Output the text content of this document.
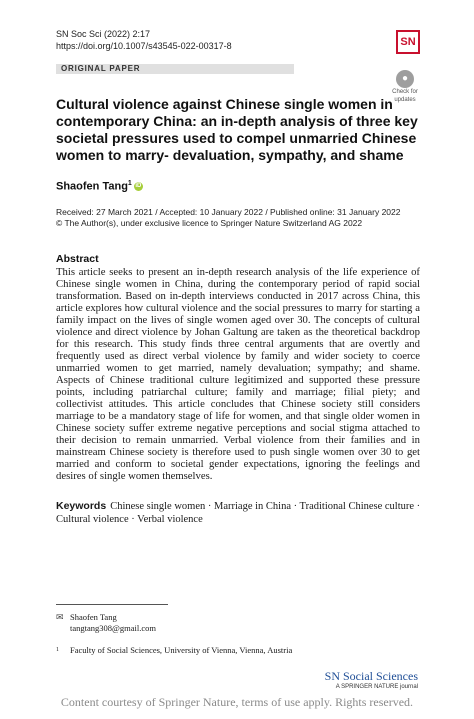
SN Soc Sci (2022) 2:17
https://doi.org/10.1007/s43545-022-00317-8	SN
ORIGINAL PAPER
●
Check for
updates
Cultural violence against Chinese single women in contemporary China: an in-depth analysis of three key societal pressures used to compel unmarried Chinese women to marry- devaluation, sympathy, and shame
Shaofen Tang$^1$ iD
Received: 27 March 2021 / Accepted: 10 January 2022 / Published online: 31 January 2022
© The Author(s), under exclusive licence to Springer Nature Switzerland AG 2022
Abstract

This article seeks to present an in-depth research analysis of the life experience of Chinese single women in China, during the contemporary period of rapid social transformation. Based on in-depth interviews conducted in 2017 across China, this article explores how cultural violence and the social pressures to marry for starting a family impact on the lives of single women aged over 30. The concepts of cultural violence and direct violence by Johan Galtung are taken as the theoretical backdrop for this research. This study finds three central arguments that are overtly and frequently used as direct verbal violence by family and wider society to coerce unmarried women to get married, namely devaluation; sympathy; and shame. Aspects of Chinese traditional culture legitimized and supported these pressure points, including patriarchal culture; family and marriage; filial piety; and collectivist attitudes. This article concludes that Chinese society still considers marriage to be a mandatory stage of life for women, and that single older women in Chinese society suffer extreme negative perceptions and social stigma attached to their decision to remain unmarried. Verbal violence from their families and in mainstream Chinese society is therefore used to push single women over 30 to get married and conform to societal gender expectations, ignoring the feelings and desires of single women themselves.

Keywords Chinese single women · Marriage in China · Traditional Chinese culture · Cultural violence · Verbal violence
✉ Shaofen Tang
tangtang308@gmail.com
1 Faculty of Social Sciences, University of Vienna, Vienna, Austria
SN Social Sciences
A SPRINGER NATURE journal
Content courtesy of Springer Nature, terms of use apply. Rights reserved.
